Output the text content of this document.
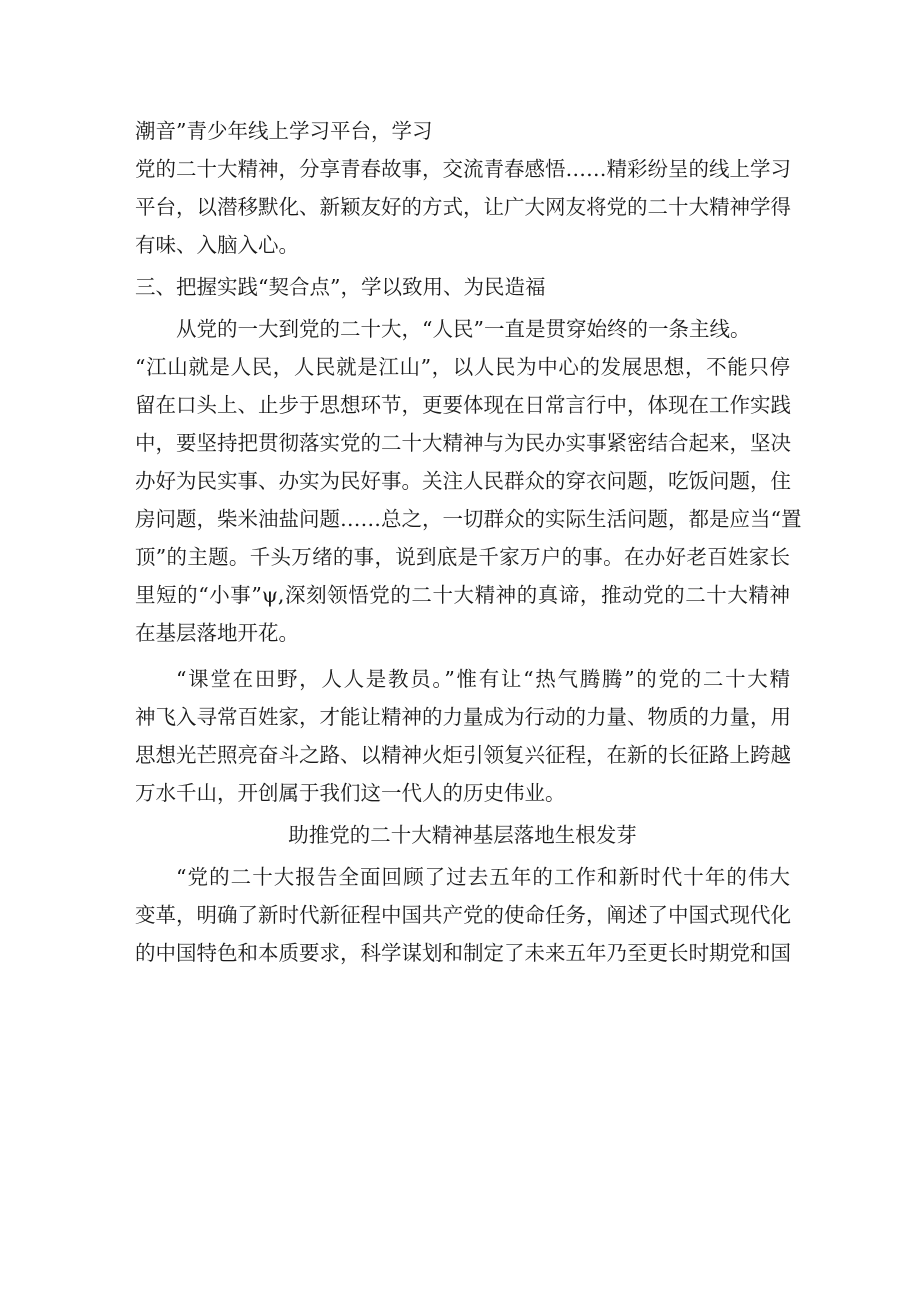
潮音”青少年线上学习平台，学习

党的二十大精神，分享青春故事，交流青春感悟……精彩纷呈的线上学习

平台，以潜移默化、新颖友好的方式，让广大网友将党的二十大精神学得

有味、入脑入心。

三、把握实践“契合点”，学以致用、为民造福

从党的一大到党的二十大，“人民”一直是贯穿始终的一条主线。

“江山就是人民，人民就是江山”，以人民为中心的发展思想，不能只停

留在口头上、止步于思想环节，更要体现在日常言行中，体现在工作实践

中，要坚持把贯彻落实党的二十大精神与为民办实事紧密结合起来，坚决

办好为民实事、办实为民好事。关注人民群众的穿衣问题，吃饭问题，住

房问题，柴米油盐问题……总之，一切群众的实际生活问题，都是应当“置

顶”的主题。千头万绪的事，说到底是千家万户的事。在办好老百姓家长

里短的“小事”ψ,深刻领悟党的二十大精神的真谛，推动党的二十大精神

在基层落地开花。

“课堂在田野，人人是教员。”惟有让“热气腾腾”的党的二十大精

神飞入寻常百姓家，才能让精神的力量成为行动的力量、物质的力量，用

思想光芒照亮奋斗之路、以精神火炬引领复兴征程，在新的长征路上跨越

万水千山，开创属于我们这一代人的历史伟业。

助推党的二十大精神基层落地生根发芽

“党的二十大报告全面回顾了过去五年的工作和新时代十年的伟大

变革，明确了新时代新征程中国共产党的使命任务，阐述了中国式现代化

的中国特色和本质要求，科学谋划和制定了未来五年乃至更长时期党和国
